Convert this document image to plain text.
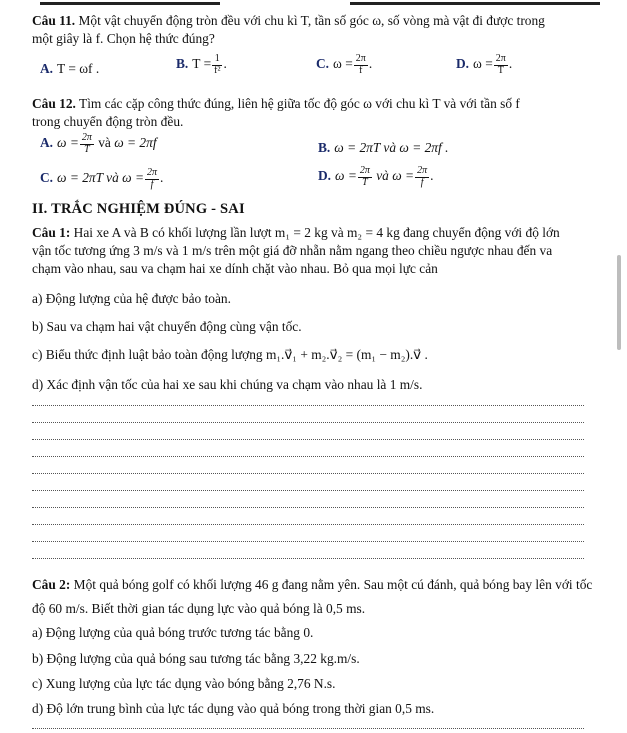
Câu 11. Một vật chuyển động tròn đều với chu kì T, tần số góc ω, số vòng mà vật đi được trong
một giây là f. Chọn hệ thức đúng?
A. T = ωf .	B. $T = \frac{1}{\text{f²}}$ .	C. $\omega = \frac{2\pi}{f}$ .	D. $\omega = \frac{2\pi}{T}$ .
Câu 12. Tìm các cặp công thức đúng, liên hệ giữa tốc độ góc ω với chu kì T và với tần số f
trong chuyển động tròn đều.
A. $\omega = \frac{2\pi}{T}$ và ω = 2πf	B. ω = 2πT và ω = 2πf .
C. ω = 2πT và $\omega = \frac{2\pi}{f}$ .	D. $\omega = \frac{2\pi}{T}$ và $\omega = \frac{2\pi}{f}$ .
II. TRẮC NGHIỆM ĐÚNG - SAI
Câu 1: Hai xe A và B có khối lượng lần lượt m₁ = 2 kg và m₂ = 4 kg đang chuyển động với độ lớn
vận tốc tương ứng 3 m/s và 1 m/s trên một giá đỡ nhẵn nằm ngang theo chiều ngược nhau đến va
chạm vào nhau, sau va chạm hai xe dính chặt vào nhau. Bỏ qua mọi lực cản
a) Động lượng của hệ được bảo toàn.
b) Sau va chạm hai vật chuyển động cùng vận tốc.
c) Biểu thức định luật bảo toàn động lượng m₁.v⃗₁ + m₂.v⃗₂ = (m₁ − m₂).v⃗ .
d) Xác định vận tốc của hai xe sau khi chúng va chạm vào nhau là 1 m/s.
Câu 2: Một quả bóng golf có khối lượng 46 g đang nằm yên. Sau một cú đánh, quả bóng bay lên với tốc
độ 60 m/s. Biết thời gian tác dụng lực vào quả bóng là 0,5 ms.
a) Động lượng của quả bóng trước tương tác bằng 0.
b) Động lượng của quả bóng sau tương tác bằng 3,22 kg.m/s.
c) Xung lượng của lực tác dụng vào bóng bằng 2,76 N.s.
d) Độ lớn trung bình của lực tác dụng vào quả bóng trong thời gian 0,5 ms.
